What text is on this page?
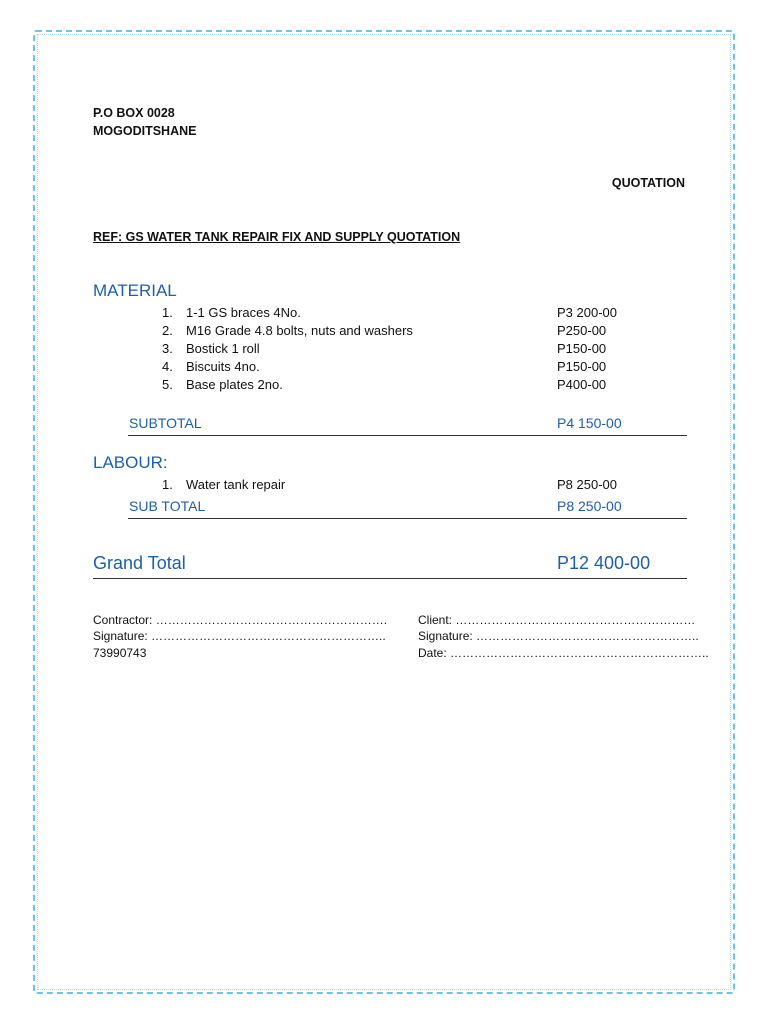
P.O BOX 0028
MOGODITSHANE
QUOTATION
REF: GS WATER TANK REPAIR FIX AND SUPPLY QUOTATION
MATERIAL
1. 1-1 GS braces 4No.	P3 200-00
2. M16 Grade 4.8 bolts, nuts and washers	P250-00
3. Bostick 1 roll	P150-00
4. Biscuits 4no.	P150-00
5. Base plates 2no.	P400-00
SUBTOTAL	P4 150-00
LABOUR:
1. Water tank repair	P8 250-00
SUB TOTAL	P8 250-00
Grand Total	P12 400-00
Contractor: ………………………………………………….
Signature: …………………………………………………..
73990743
Client: ……………………………………………………
Signature: ………………………………………………..
Date: ………………………………………………………..
